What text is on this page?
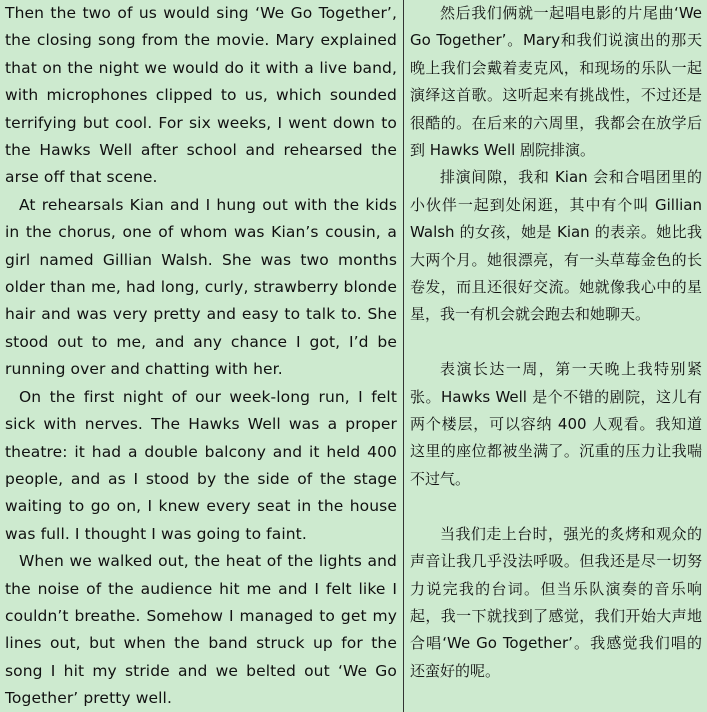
Then the two of us would sing ‘We Go Together’, the closing song from the movie. Mary explained that on the night we would do it with a live band, with microphones clipped to us, which sounded terrifying but cool. For six weeks, I went down to the Hawks Well after school and rehearsed the arse off that scene.

At rehearsals Kian and I hung out with the kids in the chorus, one of whom was Kian’s cousin, a girl named Gillian Walsh. She was two months older than me, had long, curly, strawberry blonde hair and was very pretty and easy to talk to. She stood out to me, and any chance I got, I’d be running over and chatting with her.

On the first night of our week-long run, I felt sick with nerves. The Hawks Well was a proper theatre: it had a double balcony and it held 400 people, and as I stood by the side of the stage waiting to go on, I knew every seat in the house was full. I thought I was going to faint.

When we walked out, the heat of the lights and the noise of the audience hit me and I felt like I couldn’t breathe. Somehow I managed to get my lines out, but when the band struck up for the song I hit my stride and we belted out ‘We Go Together’ pretty well.

然后我们俩就一起唱电影的片尾曲‘We Go Together’。Mary和我们说演出的那天晚上我们会戴着麦克风，和现场的乐队一起演绎这首歌。这听起来有挑战性，不过还是很酷的。在后来的六周里，我都会在放学后到 Hawks Well 剧院排演。

排演间隙，我和 Kian 会和合唱团里的小伙伴一起到处闲逛，其中有个叫 Gillian Walsh 的女孩，她是 Kian 的表亲。她比我大两个月。她很漂亮，有一头草莓金色的长卷发，而且还很好交流。她就像我心中的星星，我一有机会就会跑去和她聊天。

表演长达一周，第一天晚上我特别紧张。Hawks Well 是个不错的剧院，这儿有两个楼层，可以容纳 400 人观看。我知道这里的座位都被坐满了。沉重的压力让我喘不过气。

当我们走上台时，强光的炙烤和观众的声音让我几乎没法呼吸。但我还是尽一切努力说完我的台词。但当乐队演奏的音乐响起，我一下就找到了感觉，我们开始大声地合唱‘We Go Together’。我感觉我们唱的还蛮好的呢。
